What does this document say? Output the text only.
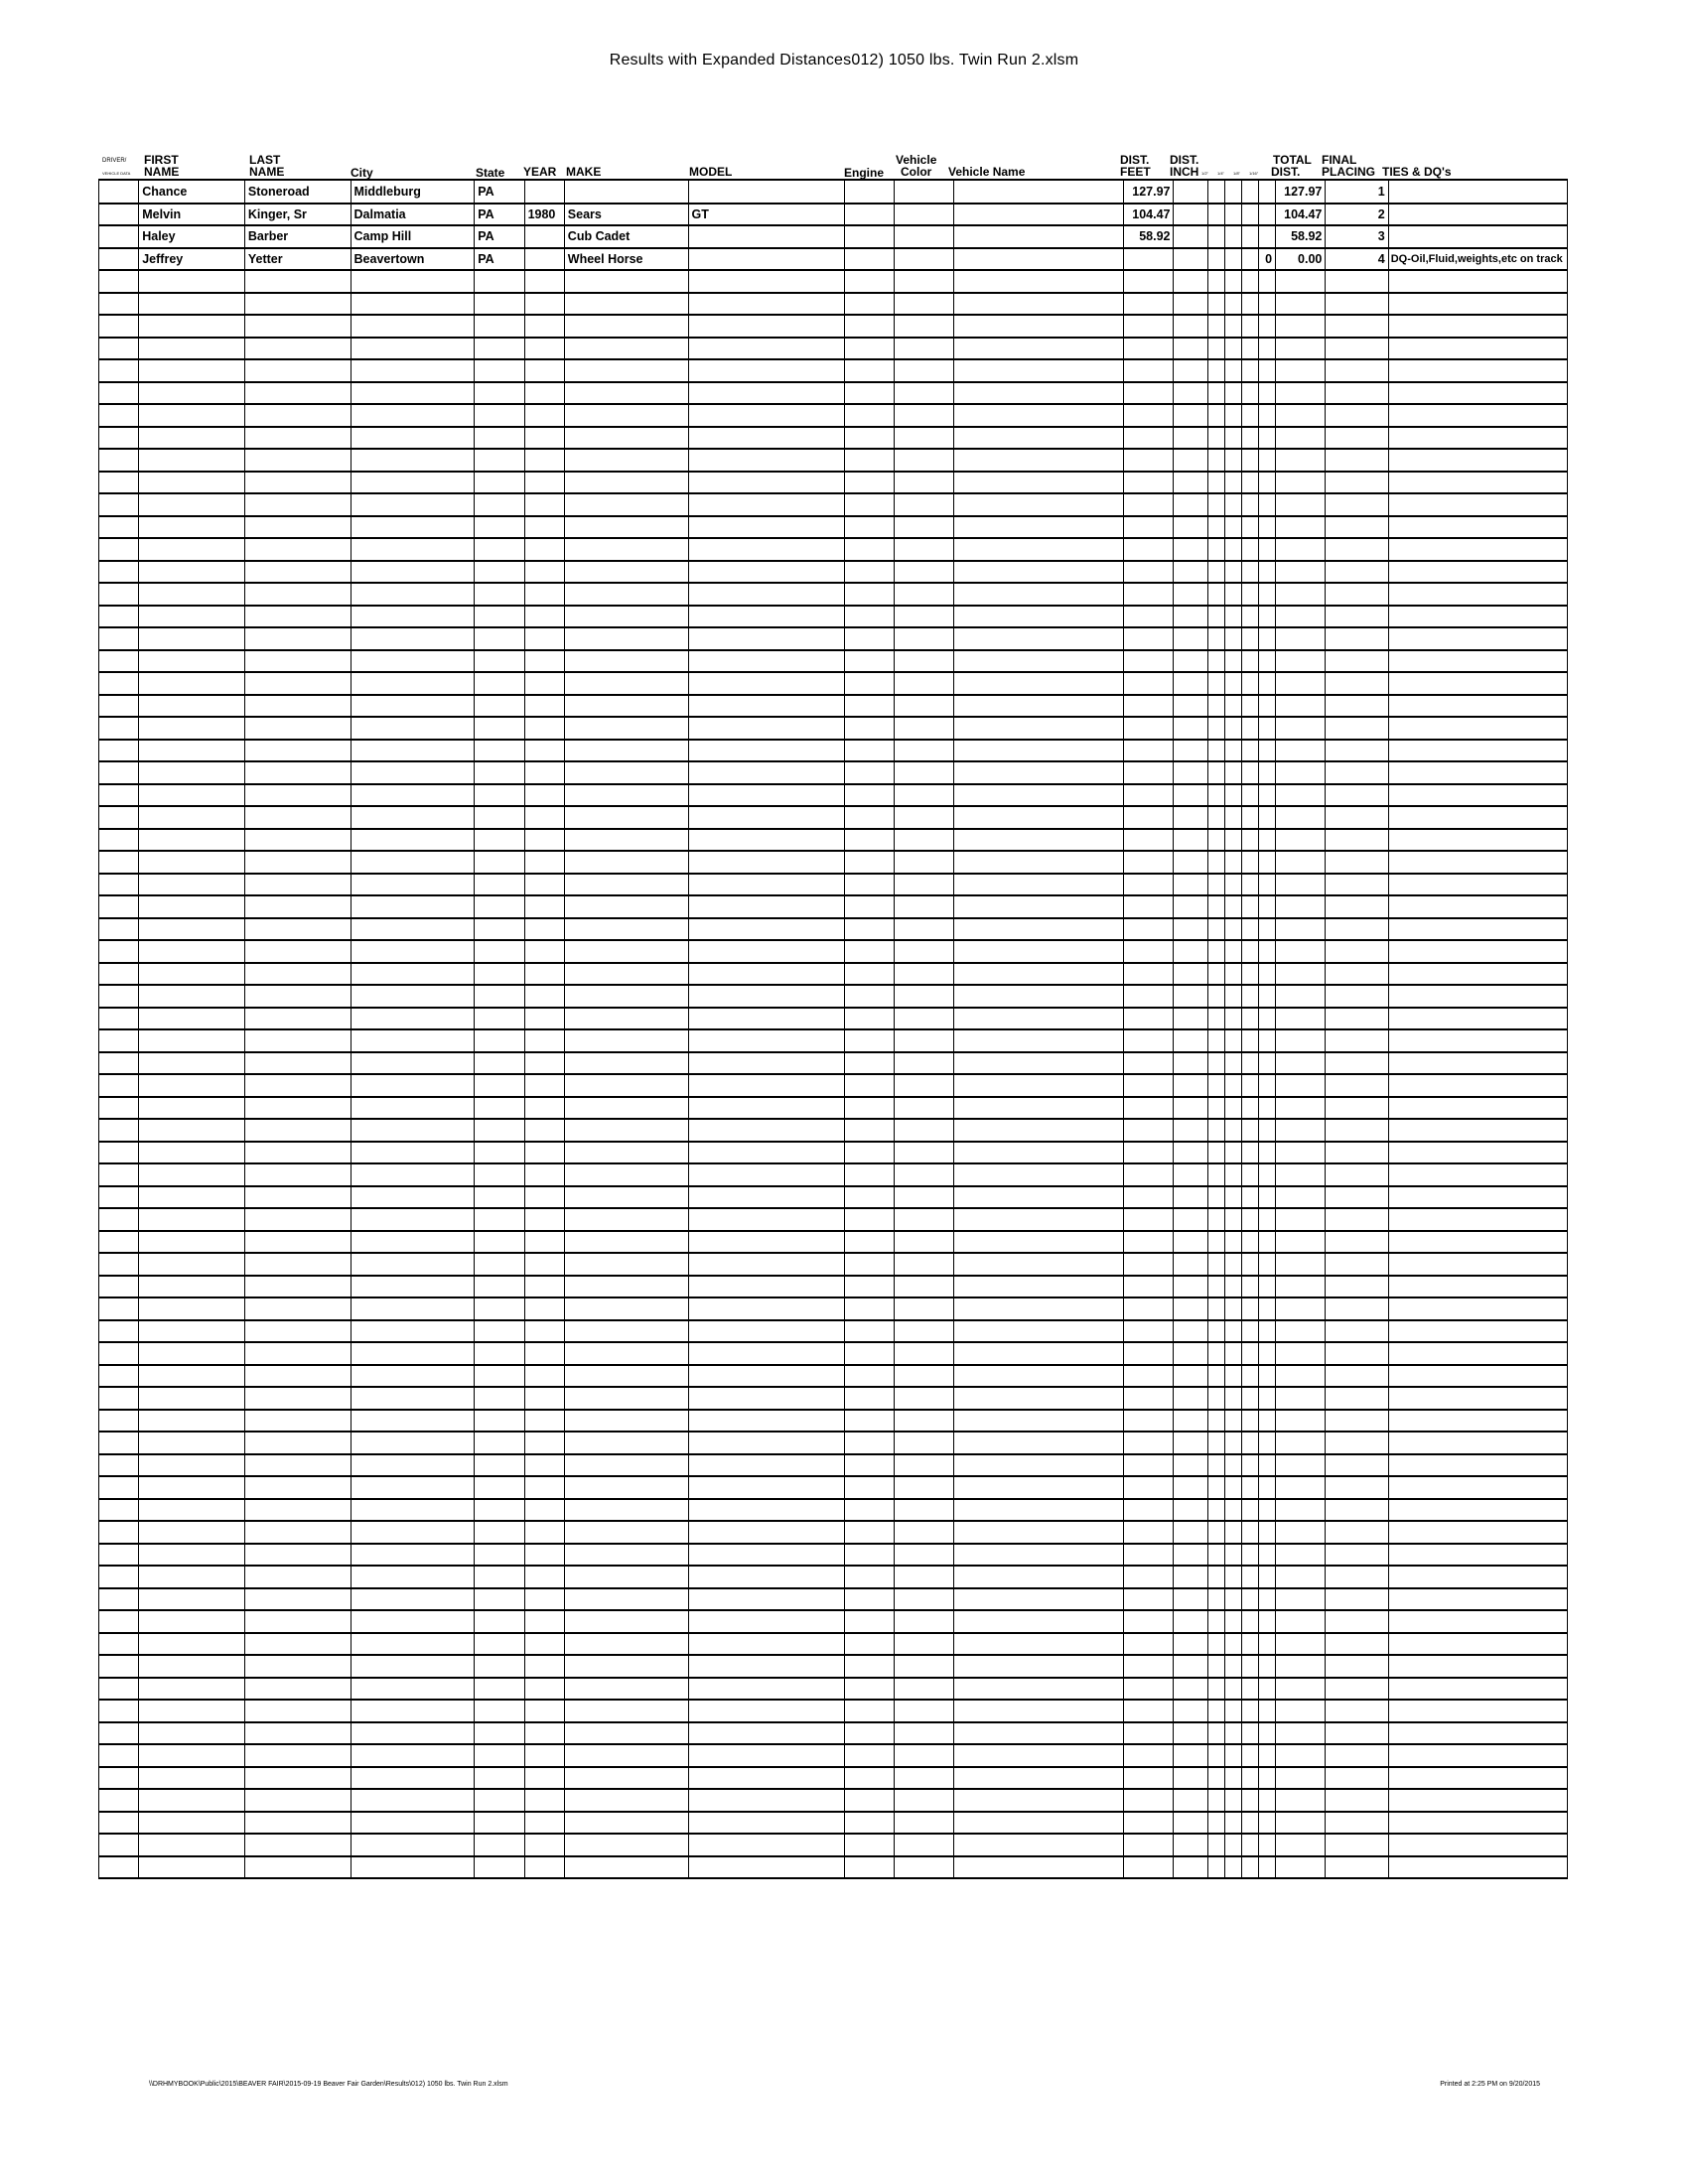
Results with Expanded Distances012) 1050 lbs. Twin Run 2.xlsm
DRIVER/
VEHICLE DATA
FIRST
NAME
LAST
NAME	City	State YEAR MAKE	MODEL	Engine
Vehicle
Color Vehicle Name
DIST.
FEET
DIST.
INCH 1/2" 1/4" 1/8" 1/16"
TOTAL
DIST.
FINAL
PLACING TIES & DQ's
	Chance	Stoneroad	Middleburg	PA							127.97						127.97	1	
	Melvin	Kinger, Sr	Dalmatia	PA	1980	Sears	GT				104.47						104.47	2	
	Haley	Barber	Camp Hill	PA		Cub Cadet					58.92						58.92	3	
	Jeffrey	Yetter	Beavertown	PA		Wheel Horse										0	0.00	4	DQ-Oil,Fluid,weights,etc on track

\\DRHMYBOOK\Public\2015\BEAVER FAIR\2015-09-19 Beaver Fair Garden\Results\012) 1050 lbs. Twin Run 2.xlsm	Printed at 2:25 PM on 9/20/2015
